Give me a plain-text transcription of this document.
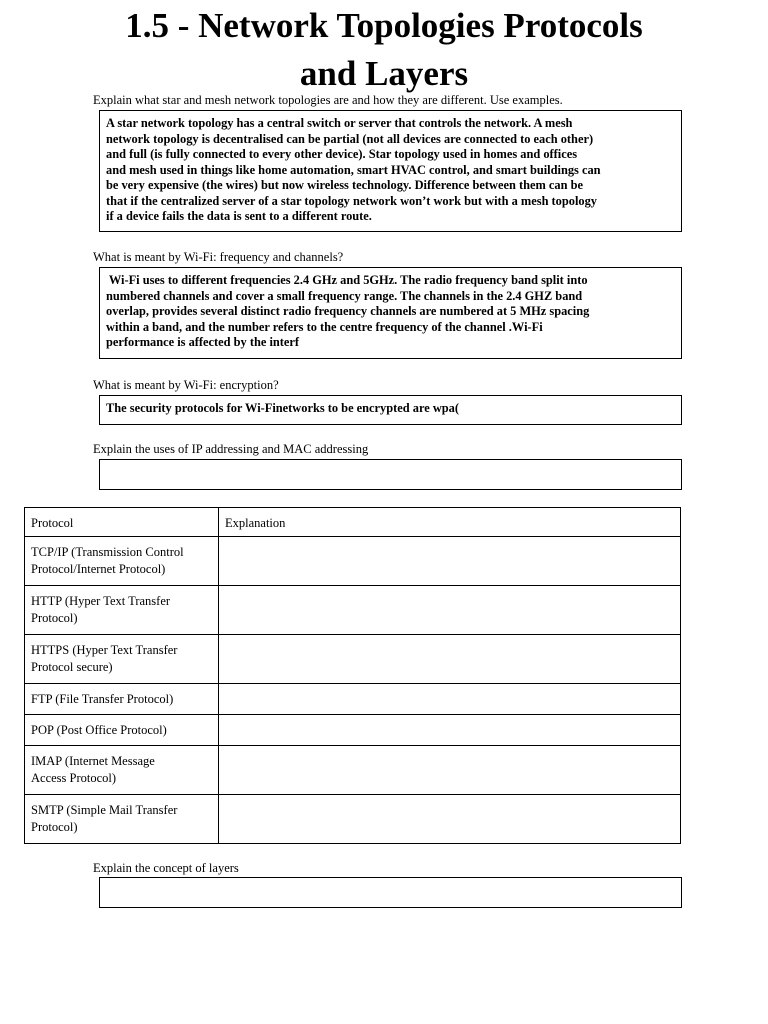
1.5 - Network Topologies Protocols
and Layers
Explain what star and mesh network topologies are and how they are different. Use examples.

A star network topology has a central switch or server that controls the network. A mesh

network topology is decentralised can be partial (not all devices are connected to each other)

and full (is fully connected to every other device). Star topology used in homes and offices

and mesh used in things like home automation, smart HVAC control, and smart buildings can

be very expensive (the wires) but now wireless technology. Difference between them can be

that if the centralized server of a star topology network won’t work but with a mesh topology

if a device fails the data is sent to a different route.

What is meant by Wi-Fi: frequency and channels?

Wi-Fi uses to different frequencies 2.4 GHz and 5GHz. The radio frequency band split into

numbered channels and cover a small frequency range. The channels in the 2.4 GHZ band

overlap, provides several distinct radio frequency channels are numbered at 5 MHz spacing

within a band, and the number refers to the centre frequency of the channel .Wi-Fi

performance is affected by the interf

What is meant by Wi-Fi: encryption?

The security protocols for Wi-Finetworks to be encrypted are wpa(

Explain the uses of IP addressing and MAC addressing
Protocol	Explanation

TCP/IP (Transmission Control
Protocol/Internet Protocol)	

HTTP (Hyper Text Transfer
Protocol)	

HTTPS (Hyper Text Transfer
Protocol secure)	

FTP (File Transfer Protocol)	

POP (Post Office Protocol)	

IMAP (Internet Message
Access Protocol)	

SMTP (Simple Mail Transfer
Protocol)	

Explain the concept of layers
